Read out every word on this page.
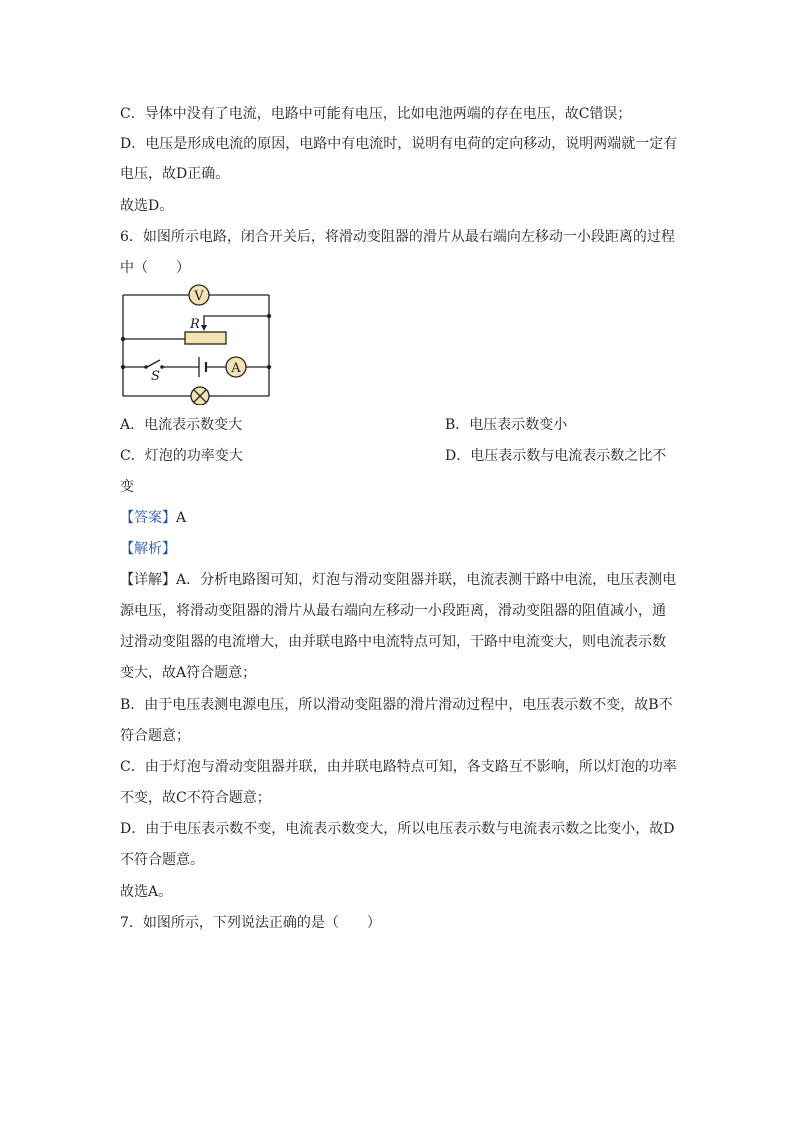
C．导体中没有了电流，电路中可能有电压，比如电池两端的存在电压，故C错误；
D．电压是形成电流的原因，电路中有电流时，说明有电荷的定向移动，说明两端就一定有
电压，故D正确。
故选D。
6．如图所示电路，闭合开关后，将滑动变阻器的滑片从最右端向左移动一小段距离的过程
中（　　）
V
R
S
A
A．电流表示数变大	B．电压表示数变小
C．灯泡的功率变大	D．电压表示数与电流表示数之比不
变
【答案】A
【解析】
【详解】A．分析电路图可知，灯泡与滑动变阻器并联，电流表测干路中电流，电压表测电
源电压，将滑动变阻器的滑片从最右端向左移动一小段距离，滑动变阻器的阻值减小，通
过滑动变阻器的电流增大，由并联电路中电流特点可知，干路中电流变大，则电流表示数
变大，故A符合题意；
B．由于电压表测电源电压，所以滑动变阻器的滑片滑动过程中，电压表示数不变，故B不
符合题意；
C．由于灯泡与滑动变阻器并联，由并联电路特点可知，各支路互不影响，所以灯泡的功率
不变，故C不符合题意；
D．由于电压表示数不变，电流表示数变大，所以电压表示数与电流表示数之比变小，故D
不符合题意。
故选A。
7．如图所示，下列说法正确的是（　　）
